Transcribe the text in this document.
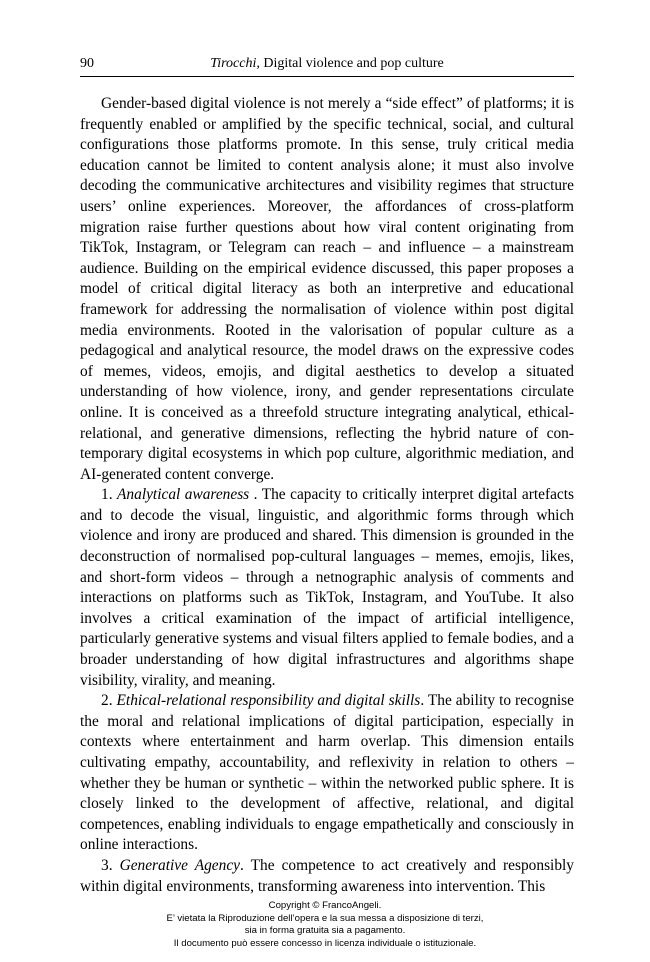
90	Tirocchi, Digital violence and pop culture

Gender-based digital violence is not merely a “side effect” of platforms; it is frequently enabled or amplified by the specific technical, social, and cultural configurations those platforms promote. In this sense, truly critical media education cannot be limited to content analysis alone; it must also involve decoding the communicative architectures and visibility regimes that structure users’ online experiences. Moreover, the affordances of cross-platform migration raise further questions about how viral content originating from TikTok, Instagram, or Telegram can reach – and influence – a mainstream audience. Building on the empirical evidence discussed, this paper proposes a model of critical digital literacy as both an interpretive and educational framework for addressing the normalisation of violence within post digital media environments. Rooted in the valorisation of popular culture as a pedagogical and analytical resource, the model draws on the expressive codes of memes, videos, emojis, and digital aesthetics to develop a situated understanding of how violence, irony, and gender representations circulate online. It is conceived as a threefold structure integrating analytical, ethical-relational, and generative dimensions, reflecting the hybrid nature of contemporary digital ecosystems in which pop culture, algorithmic mediation, and AI-generated content converge.

1. Analytical awareness . The capacity to critically interpret digital artefacts and to decode the visual, linguistic, and algorithmic forms through which violence and irony are produced and shared. This dimension is grounded in the deconstruction of normalised pop-cultural languages – memes, emojis, likes, and short-form videos – through a netnographic analysis of comments and interactions on platforms such as TikTok, Instagram, and YouTube. It also involves a critical examination of the impact of artificial intelligence, particularly generative systems and visual filters applied to female bodies, and a broader understanding of how digital infrastructures and algorithms shape visibility, virality, and meaning.

2. Ethical-relational responsibility and digital skills. The ability to recognise the moral and relational implications of digital participation, especially in contexts where entertainment and harm overlap. This dimension entails cultivating empathy, accountability, and reflexivity in relation to others – whether they be human or synthetic – within the networked public sphere. It is closely linked to the development of affective, relational, and digital competences, enabling individuals to engage empathetically and consciously in online interactions.

3. Generative Agency. The competence to act creatively and responsibly within digital environments, transforming awareness into intervention. This

Copyright © FrancoAngeli.
E’ vietata la Riproduzione dell’opera e la sua messa a disposizione di terzi,
sia in forma gratuita sia a pagamento.
Il documento può essere concesso in licenza individuale o istituzionale.
